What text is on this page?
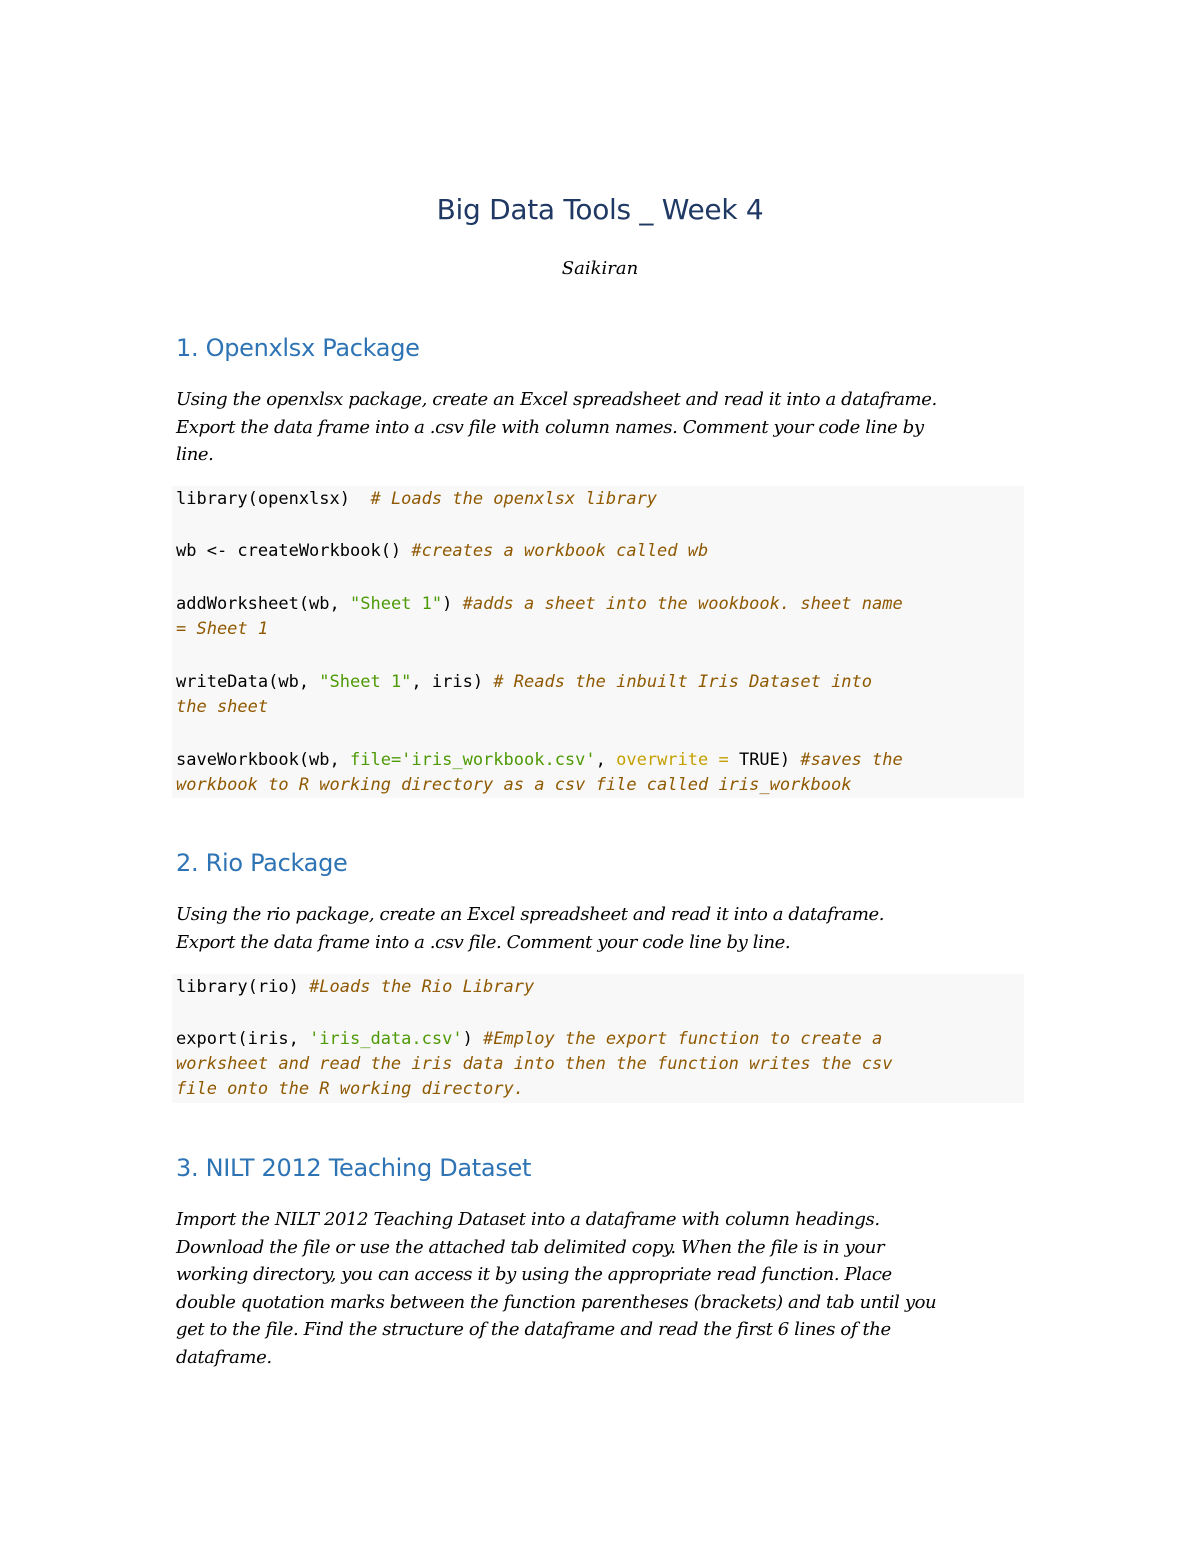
Big Data Tools _ Week 4
Saikiran
1. Openxlsx Package
Using the openxlsx package, create an Excel spreadsheet and read it into a dataframe.
Export the data frame into a .csv file with column names. Comment your code line by
line.
library(openxlsx)  # Loads the openxlsx library
wb <- createWorkbook() #creates a workbook called wb
addWorksheet(wb, "Sheet 1") #adds a sheet into the wookbook. sheet name
= Sheet 1
writeData(wb, "Sheet 1", iris) # Reads the inbuilt Iris Dataset into
the sheet
saveWorkbook(wb, file='iris_workbook.csv', overwrite = TRUE) #saves the
workbook to R working directory as a csv file called iris_workbook
2. Rio Package
Using the rio package, create an Excel spreadsheet and read it into a dataframe.
Export the data frame into a .csv file. Comment your code line by line.
library(rio) #Loads the Rio Library
export(iris, 'iris_data.csv') #Employ the export function to create a
worksheet and read the iris data into then the function writes the csv
file onto the R working directory.
3. NILT 2012 Teaching Dataset
Import the NILT 2012 Teaching Dataset into a dataframe with column headings.
Download the file or use the attached tab delimited copy. When the file is in your
working directory, you can access it by using the appropriate read function. Place
double quotation marks between the function parentheses (brackets) and tab until you
get to the file. Find the structure of the dataframe and read the first 6 lines of the
dataframe.
